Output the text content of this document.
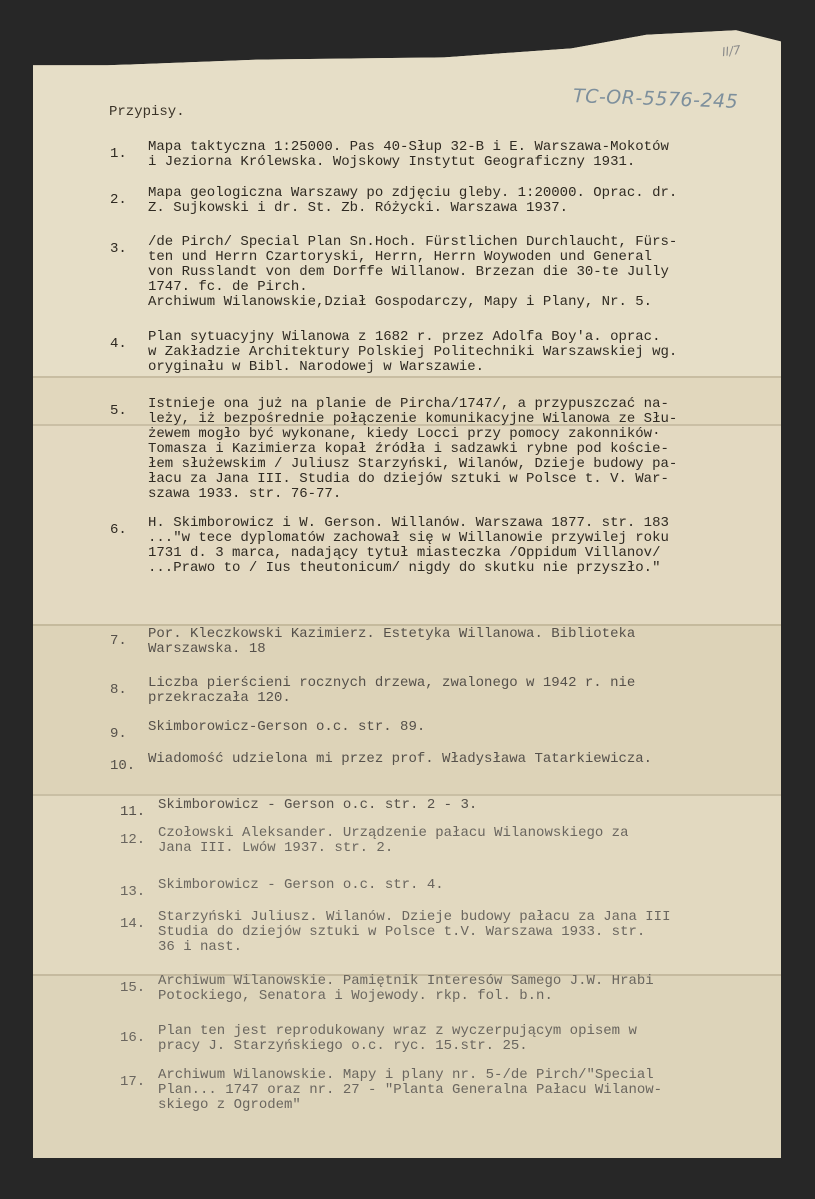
II/7
TC-OR-5576-245
Przypisy.
1.	Mapa taktyczna 1:25000. Pas 40-Słup 32-B i E. Warszawa-Mokotów
i Jeziorna Królewska. Wojskowy Instytut Geograficzny 1931.
2.	Mapa geologiczna Warszawy po zdjęciu gleby. 1:20000. Oprac. dr.
Z. Sujkowski i dr. St. Zb. Różycki. Warszawa 1937.
3.	/de Pirch/ Special Plan Sn.Hoch. Fürstlichen Durchlaucht, Fürs-
ten und Herrn Czartoryski, Herrn, Herrn Woywoden und General
von Russlandt von dem Dorffe Willanow. Brzezan die 30-te Jully
1747. fc. de Pirch.
Archiwum Wilanowskie,Dział Gospodarczy, Mapy i Plany, Nr. 5.
4.	Plan sytuacyjny Wilanowa z 1682 r. przez Adolfa Boy'a. oprac.
w Zakładzie Architektury Polskiej Politechniki Warszawskiej wg.
oryginału w Bibl. Narodowej w Warszawie.
5.	Istnieje ona już na planie de Pircha/1747/, a przypuszczać na-
leży, iż bezpośrednie połączenie komunikacyjne Wilanowa ze Słu-
żewem mogło być wykonane, kiedy Locci przy pomocy zakonników·
Tomasza i Kazimierza kopał źródła i sadzawki rybne pod koście-
łem służewskim / Juliusz Starzyński, Wilanów, Dzieje budowy pa-
łacu za Jana III. Studia do dziejów sztuki w Polsce t. V. War-
szawa 1933. str. 76-77.
6.	H. Skimborowicz i W. Gerson. Willanów. Warszawa 1877. str. 183
..."w tece dyplomatów zachował się w Willanowie przywilej roku
1731 d. 3 marca, nadający tytuł miasteczka /Oppidum Villanov/
...Prawo to / Ius theutonicum/ nigdy do skutku nie przyszło."
7.	Por. Kleczkowski Kazimierz. Estetyka Willanowa. Biblioteka
Warszawska. 18
8.	Liczba pierścieni rocznych drzewa, zwalonego w 1942 r. nie
przekraczała 120.
9.	Skimborowicz-Gerson o.c. str. 89.
10. Wiadomość udzielona mi przez prof. Władysława Tatarkiewicza.
11. Skimborowicz - Gerson o.c. str. 2 - 3.
12. Czołowski Aleksander. Urządzenie pałacu Wilanowskiego za
Jana III. Lwów 1937. str. 2.
13. Skimborowicz - Gerson o.c. str. 4.
14. Starzyński Juliusz. Wilanów. Dzieje budowy pałacu za Jana III
Studia do dziejów sztuki w Polsce t.V. Warszawa 1933. str.
36 i nast.
15. Archiwum Wilanowskie. Pamiętnik Interesów Samego J.W. Hrabi
Potockiego, Senatora i Wojewody. rkp. fol. b.n.
16. Plan ten jest reprodukowany wraz z wyczerpującym opisem w
pracy J. Starzyńskiego o.c. ryc. 15.str. 25.
17. Archiwum Wilanowskie. Mapy i plany nr. 5-/de Pirch/"Special
Plan... 1747 oraz nr. 27 - "Planta Generalna Pałacu Wilanow-
skiego z Ogrodem"
